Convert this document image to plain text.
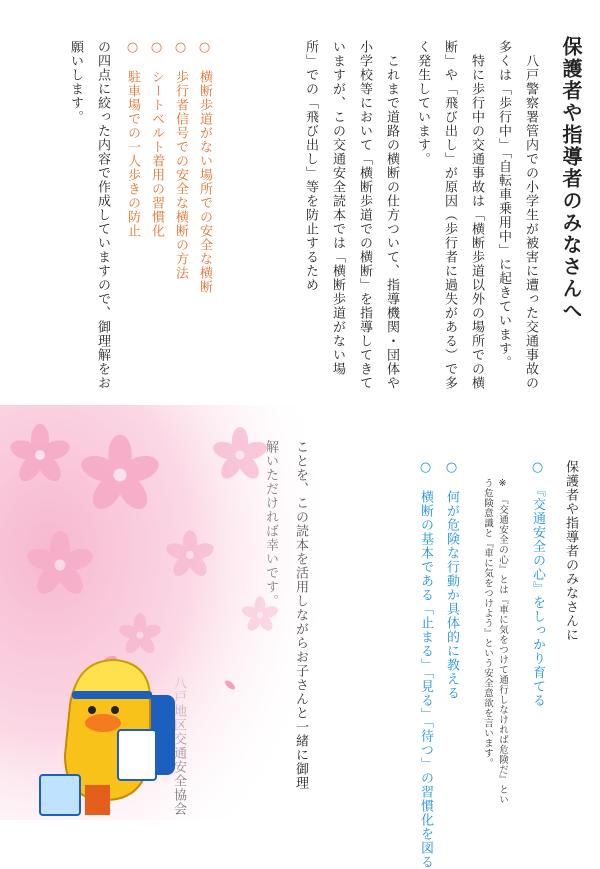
保護者や指導者のみなさんへ
　八戸警察署管内での小学生が被害に遭った交通事故の多くは「歩行中」「自転車乗用中」に起きています。
　特に歩行中の交通事故は「横断歩道以外の場所での横断」や「飛び出し」が原因（歩行者に過失がある）で多く発生しています。
　これまで道路の横断の仕方ついて、指導機関・団体や小学校等において「横断歩道での横断」を指導してきていますが、この交通安全読本では「横断歩道がない場所」での「飛び出し」等を防止するため
○　横断歩道がない場所での安全な横断
○　歩行者信号での安全な横断の方法
○　シートベルト着用の習慣化
○　駐車場での一人歩きの防止
の四点に絞った内容で作成していますので、御理解をお願いします。
保護者や指導者のみなさんに
○　『交通安全の心』をしっかり育てる
○　何が危険な行動か具体的に教える
○　横断の基本である「止まる」「見る」「待つ」の習慣化を図る	※　『交通安全の心』とは『車に気をつけて通行しなければ危険だ』という危険意識と『車に気をつけよう』という安全意欲を言います。
